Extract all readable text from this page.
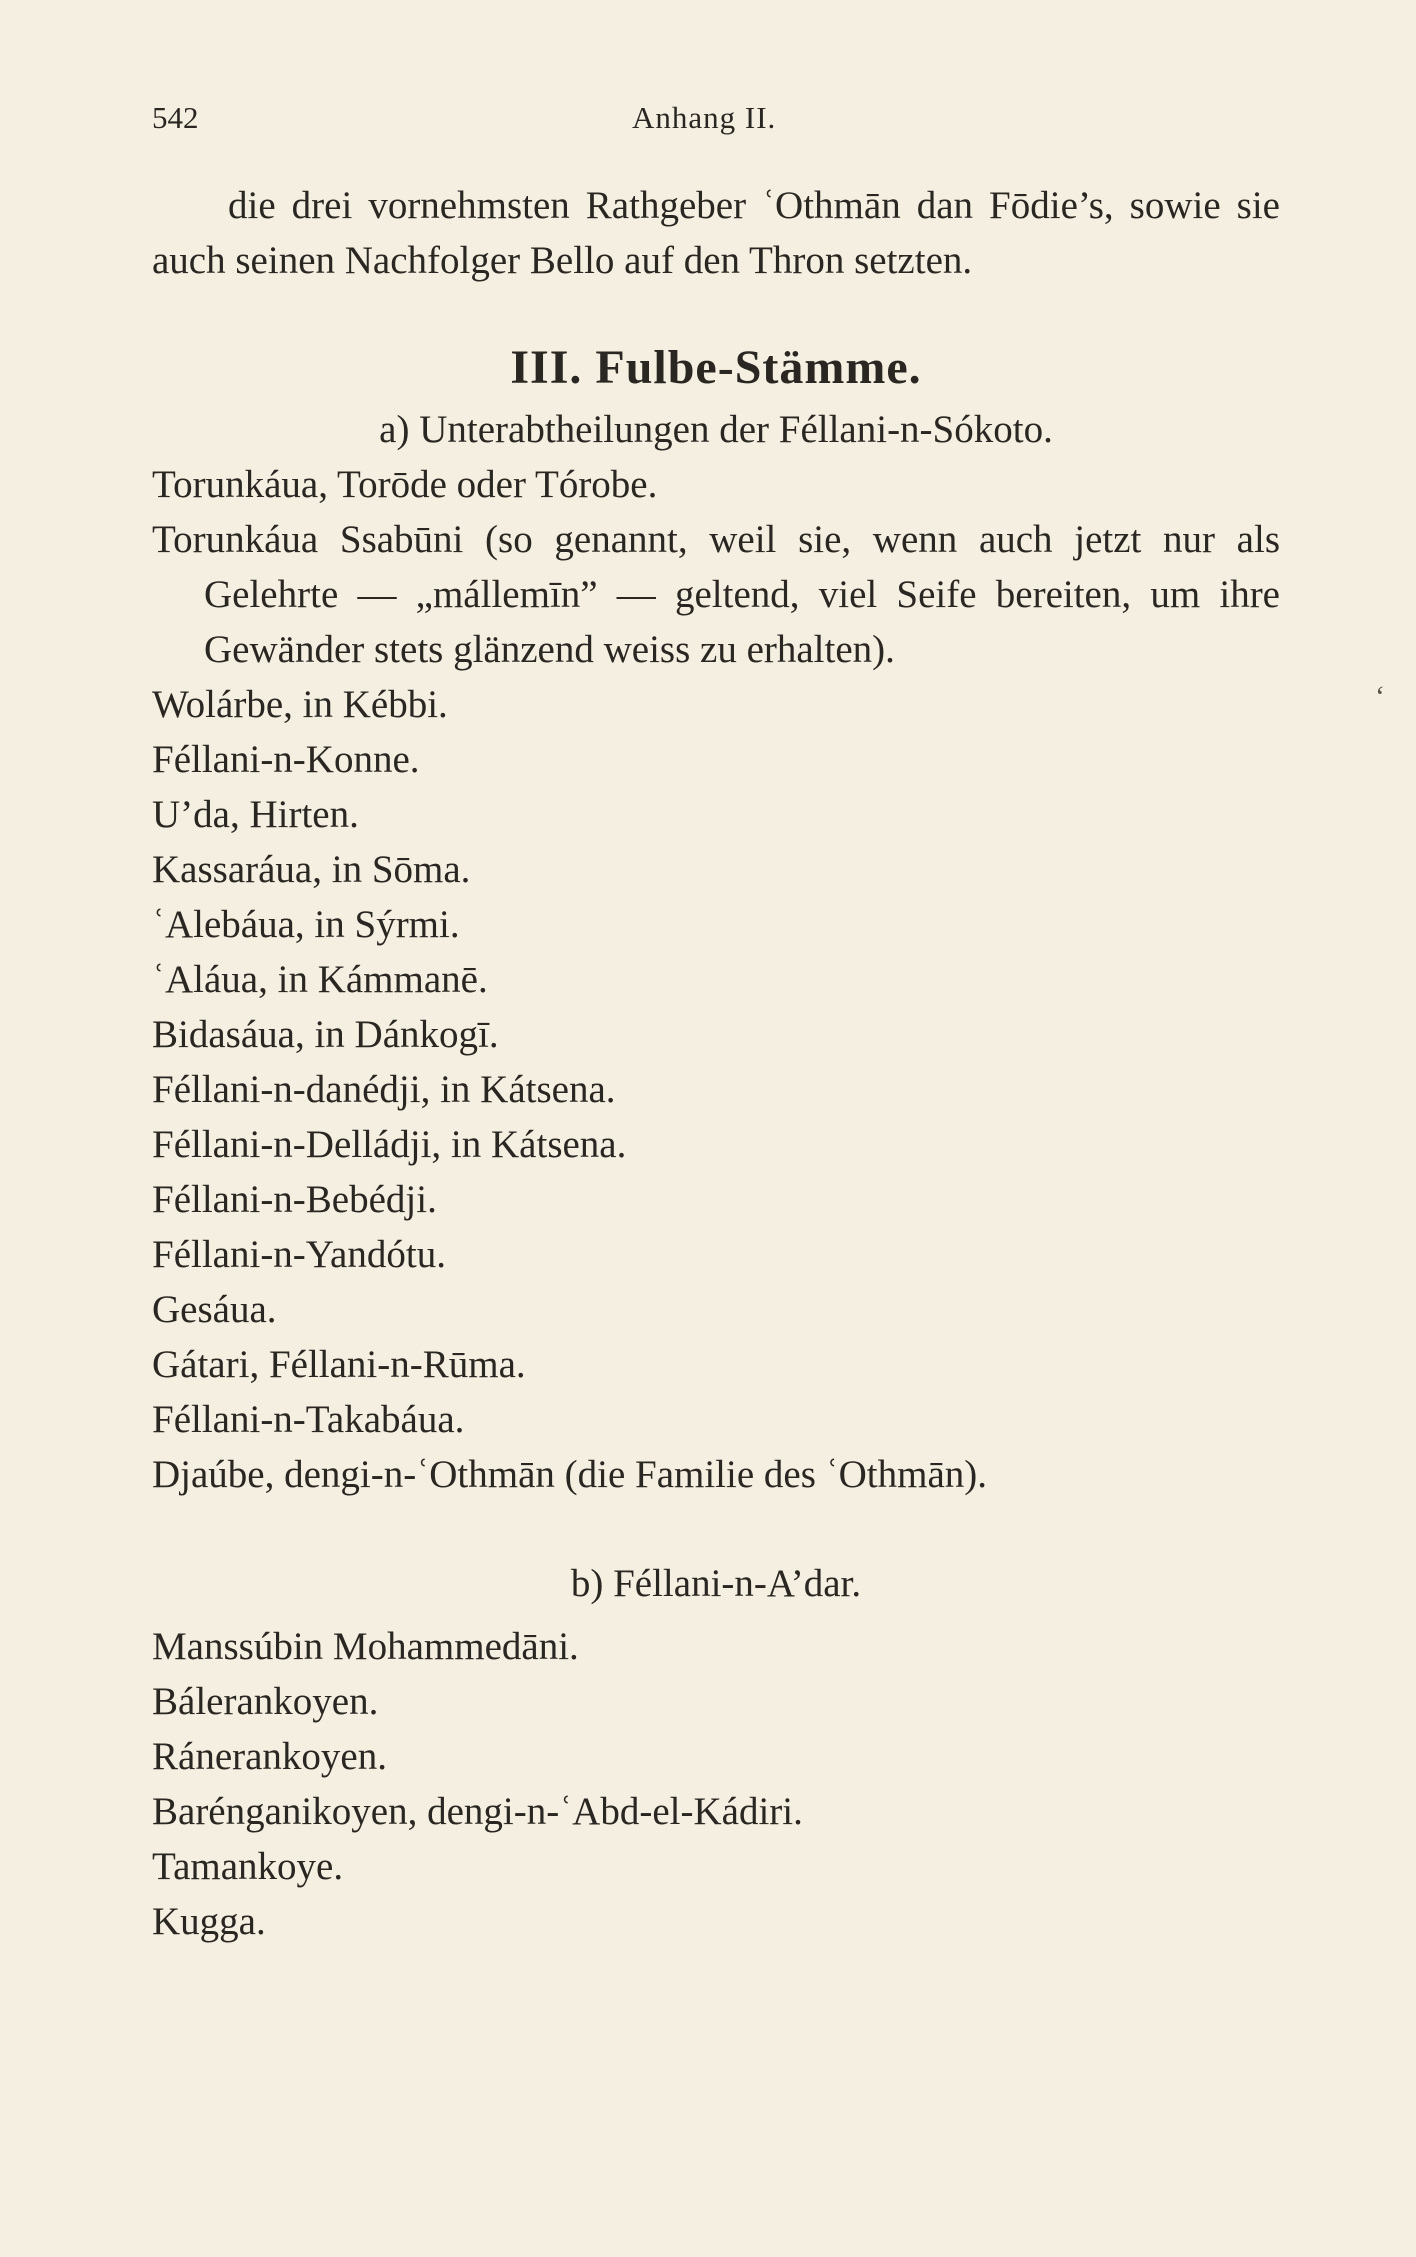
542	Anhang II.

die drei vornehmsten Rathgeber ʿOthmān dan Fōdie’s, sowie sie auch seinen Nachfolger Bello auf den Thron setzten.

III. Fulbe-Stämme.

a) Unterabtheilungen der Féllani-n-Sókoto.

Torunkáua, Torōde oder Tórobe.

Torunkáua Ssabūni (so genannt, weil sie, wenn auch jetzt nur als Gelehrte — „mállemīn” — geltend, viel Seife bereiten, um ihre Gewänder stets glänzend weiss zu erhalten).

Wolárbe, in Kébbi.

Féllani-n-Konne.

U’da, Hirten.

Kassaráua, in Sōma.

ʿAlebáua, in Sýrmi.

ʿAláua, in Kámmanē.

Bidasáua, in Dánkogī.

Féllani-n-danédji, in Kátsena.

Féllani-n-Delládji, in Kátsena.

Féllani-n-Bebédji.

Féllani-n-Yandótu.

Gesáua.

Gátari, Féllani-n-Rūma.

Féllani-n-Takabáua.

Djaúbe, dengi-n-ʿOthmān (die Familie des ʿOthmān).

b) Féllani-n-A’dar.

Manssúbin Mohammedāni.

Bálerankoyen.

Ránerankoyen.

Barénganikoyen, dengi-n-ʿAbd-el-Kádiri.

Tamankoye.

Kugga.

‘
